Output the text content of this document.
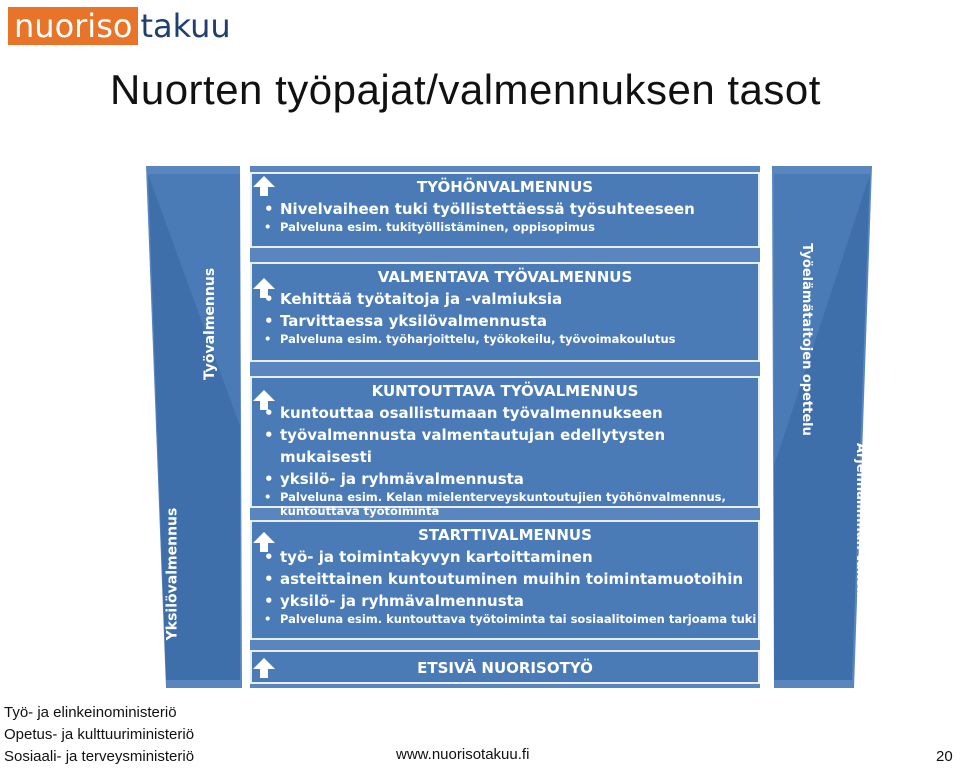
nuoriso takuu
Nuorten työpajat/valmennuksen tasot
Työvalmennus
Yksilövalmennus
Työelämätaitojen opettelu
Arjenhallinnan tukeminen
TYÖHÖNVALMENNUS
• Nivelvaiheen tuki työllistettäessä työsuhteeseen
• Palveluna esim. tukityöllistäminen, oppisopimus
VALMENTAVA TYÖVALMENNUS
• Kehittää työtaitoja ja -valmiuksia
• Tarvittaessa yksilövalmennusta
• Palveluna esim. työharjoittelu, työkokeilu, työvoimakoulutus
KUNTOUTTAVA TYÖVALMENNUS
• kuntouttaa osallistumaan työvalmennukseen
• työvalmennusta valmentautujan edellytysten mukaisesti
• yksilö- ja ryhmävalmennusta
• Palveluna esim. Kelan mielenterveyskuntoutujien työhönvalmennus, kuntouttava työtoiminta
STARTTIVALMENNUS
• työ- ja toimintakyvyn kartoittaminen
• asteittainen kuntoutuminen muihin toimintamuotoihin
• yksilö- ja ryhmävalmennusta
• Palveluna esim. kuntouttava työtoiminta tai sosiaalitoimen tarjoama tuki
ETSIVÄ NUORISOTYÖ
Työ- ja elinkeinoministeriö
Opetus- ja kulttuuriministeriö
Sosiaali- ja terveysministeriö	www.nuorisotakuu.fi	20
